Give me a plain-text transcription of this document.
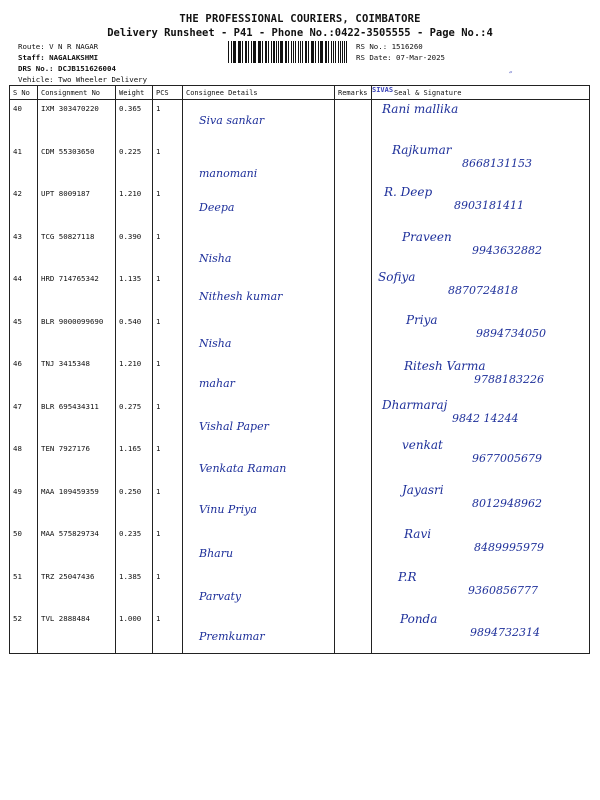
THE PROFESSIONAL COURIERS, COIMBATORE
Delivery Runsheet - P41 - Phone No.:0422-3505555 - Page No.:4
Route: V N R NAGAR
Staff: NAGALAKSHMI
DRS No.: DCJB151626004
Vehicle: Two Wheeler Delivery
RS No.: 1516260
RS Date: 07-Mar-2025
SIVAS
″
S No	Consignment No	Weight	PCS	Consignee Details	Remarks	Seal & Signature
40	IXM 303470220	0.365	1	Siva sankar		Rani mallika

41	CDM 55303650	0.225	1	manomani		Rajkumar
8668131153

42	UPT 8009187	1.210	1	Deepa		R. Deep
8903181411

43	TCG 50827118	0.390	1	Nisha		Praveen
9943632882

44	HRD 714765342	1.135	1	Nithesh kumar		Sofiya
8870724818

45	BLR 9000099690	0.540	1	Nisha		Priya
9894734050

46	TNJ 3415348	1.210	1	mahar		Ritesh Varma
9788183226

47	BLR 695434311	0.275	1	Vishal Paper		Dharmaraj
9842 14244

48	TEN 7927176	1.165	1	Venkata Raman		venkat
9677005679

49	MAA 109459359	0.250	1	Vinu Priya		Jayasri
8012948962

50	MAA 575829734	0.235	1	Bharu		Ravi
8489995979

51	TRZ 25047436	1.385	1	Parvaty		P.R
9360856777

52	TVL 2888484	1.000	1	Premkumar		Ponda
9894732314
